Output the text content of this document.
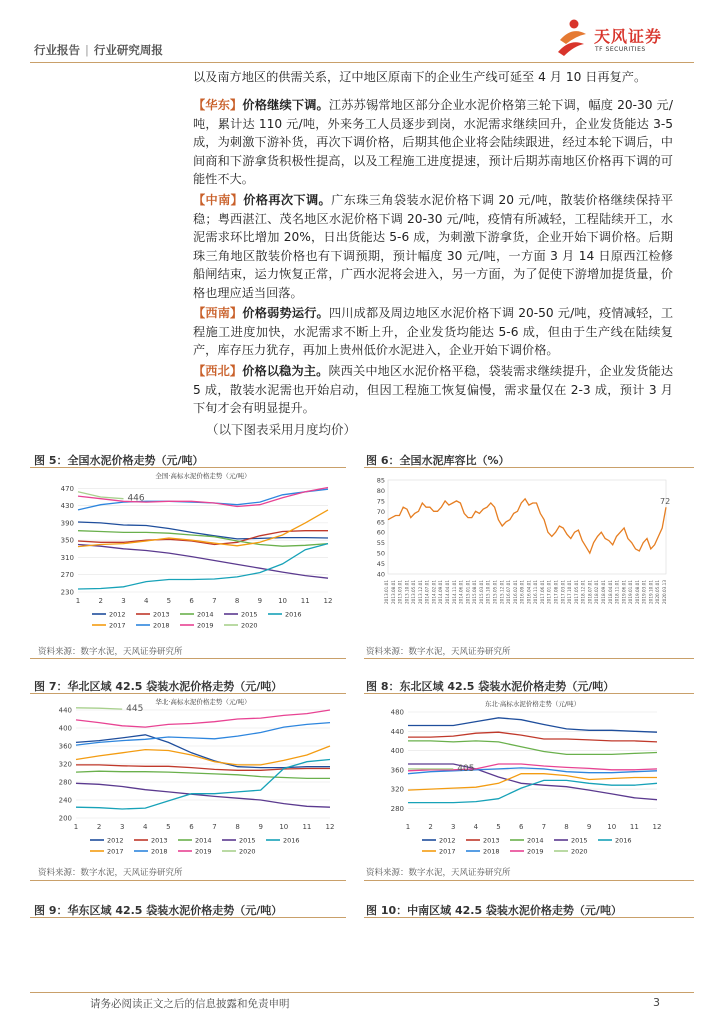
行业报告 | 行业研究周报
天风证券
TF SECURITIES
以及南方地区的供需关系，辽中地区原南下的企业生产线可延至 4 月 10 日再复产。
【华东】价格继续下调。江苏苏锡常地区部分企业水泥价格第三轮下调，幅度 20-30 元/吨，累计达 110 元/吨，外来务工人员逐步到岗，水泥需求继续回升，企业发货能达 3-5 成，为刺激下游补货，再次下调价格，后期其他企业将会陆续跟进，经过本轮下调后，中间商和下游拿货积极性提高，以及工程施工进度提速，预计后期苏南地区价格再下调的可能性不大。
【中南】价格再次下调。广东珠三角袋装水泥价格下调 20 元/吨，散装价格继续保持平稳；粤西湛江、茂名地区水泥价格下调 20-30 元/吨，疫情有所减轻，工程陆续开工，水泥需求环比增加 20%，日出货能达 5-6 成，为刺激下游拿货，企业开始下调价格。后期珠三角地区散装价格也有下调预期，预计幅度 30 元/吨，一方面 3 月 14 日原西江检修船闸结束，运力恢复正常，广西水泥将会进入，另一方面，为了促使下游增加提货量，价格也理应适当回落。
【西南】价格弱势运行。四川成都及周边地区水泥价格下调 20-50 元/吨，疫情减轻，工程施工进度加快，水泥需求不断上升，企业发货均能达 5-6 成，但由于生产线在陆续复产，库存压力犹存，再加上贵州低价水泥进入，企业开始下调价格。
【西北】价格以稳为主。陕西关中地区水泥价格平稳，袋装需求继续提升，企业发货能达 5 成，散装水泥需也开始启动，但因工程施工恢复偏慢，需求量仅在 2-3 成，预计 3 月下旬才会有明显提升。
（以下图表采用月度均价）
图 5：全国水泥价格走势（元/吨）	图 6：全国水泥库容比（%）
全国·高标水泥价格走势（元/吨）
230
270
310
350
390
430
470
1	2	3	4	5	6	7	8	9 10 11 12
446
2012	2013	2014	2015	2016
2017	2018	2019	2020
40
45
50
55
60
65
70
75
80
85
2013.01.01 2013.08.01 2013.03.01 2013.10.01 2013.05.01 2013.12.01 2014.07.01 2014.02.01 2014.09.01 2014.04.01 2014.11.01 2014.06.01 2015.01.01 2015.08.01 2015.03.01 2015.10.01 2015.05.01 2015.12.01 2016.07.01 2016.02.01 2016.09.01 2016.04.01 2016.11.01 2017.06.01 2017.01.01 2017.08.01 2017.03.01 2017.10.01 2017.05.01 2018.12.01 2018.07.01 2018.02.01 2018.09.01 2018.04.01 2018.11.01 2019.06.01 2019.01.01 2019.08.01 2019.03.01 2019.10.01 2020.05.01 2020.03.13
72
资料来源：数字水泥，天风证券研究所	资料来源：数字水泥，天风证券研究所
图 7：华北区域 42.5 袋装水泥价格走势（元/吨）	图 8：东北区域 42.5 袋装水泥价格走势（元/吨）
华北·高标水泥价格走势（元/吨）
200
240
280
320
360
400
440
1	2	3	4	5	6	7	8	9 10 11 12
445
2012	2013	2014	2015	2016
2017	2018	2019	2020
东北·高标水泥价格走势（元/吨）
280
320
360
400
440
480
1	2	3	4	5	6	7	8	9 10 11 12
405
2012	2013	2014	2015	2016
2017	2018	2019	2020
资料来源：数字水泥，天风证券研究所	资料来源：数字水泥，天风证券研究所
图 9：华东区域 42.5 袋装水泥价格走势（元/吨）	图 10：中南区域 42.5 袋装水泥价格走势（元/吨）
请务必阅读正文之后的信息披露和免责申明	3
